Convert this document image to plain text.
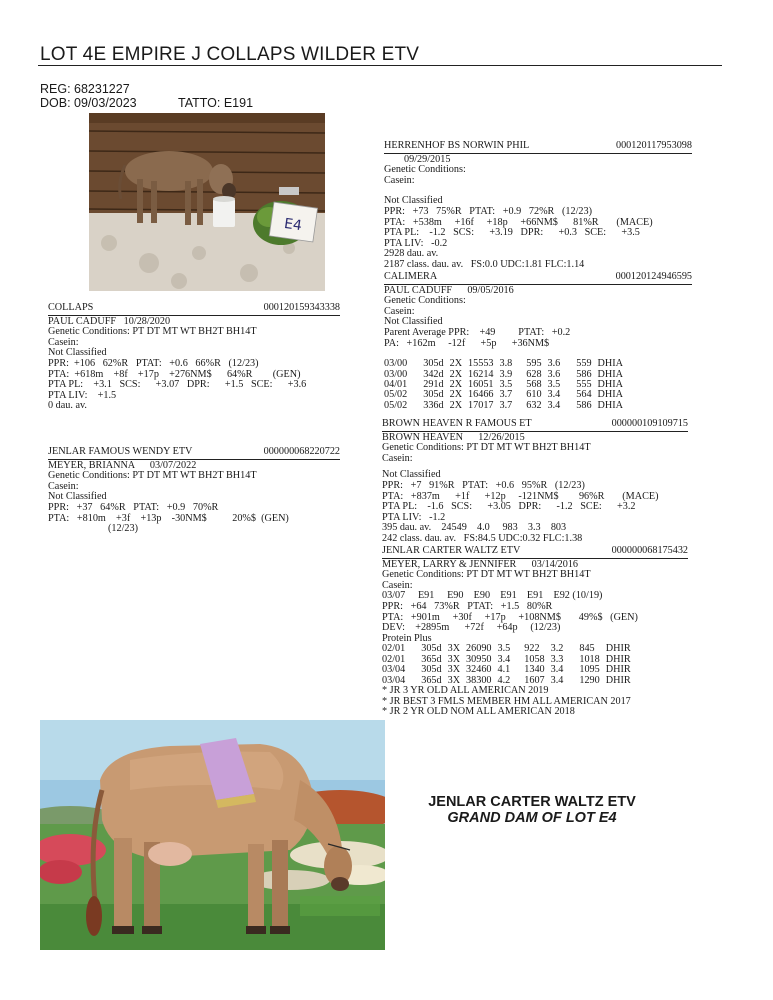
LOT 4E EMPIRE J COLLAPS WILDER ETV
REG: 68231227
DOB: 09/03/2023	TATTO: E191
E4
COLLAPS	000120159343338
PAUL CADUFF   10/28/2020
Genetic Conditions: PT DT MT WT BH2T BH14T
Casein:
Not Classified
PPR:  +106   62%R   PTAT:   +0.6   66%R   (12/23)
PTA:  +618m    +8f    +17p    +276NM$      64%R        (GEN)
PTA PL:    +3.1   SCS:      +3.07   DPR:      +1.5   SCE:      +3.6
PTA LIV:    +1.5
0 dau. av.
JENLAR FAMOUS WENDY ETV	000000068220722
MEYER, BRIANNA      03/07/2022
Genetic Conditions: PT DT MT WT BH2T BH14T
Casein:
Not Classified
PPR:   +37   64%R   PTAT:   +0.9   70%R
PTA:   +810m    +3f    +13p    -30NM$          20%$  (GEN)
(12/23)
HERRENHOF BS NORWIN PHIL	000120117953098
09/29/2015
Genetic Conditions:
Casein:
Not Classified
PPR:   +73   75%R   PTAT:   +0.9   72%R   (12/23)
PTA:   +538m     +16f     +18p     +66NM$      81%R       (MACE)
PTA PL:    -1.2   SCS:      +3.19   DPR:      +0.3   SCE:      +3.5
PTA LIV:   -0.2
2928 dau. av.
2187 class. dau. av.   FS:0.0 UDC:1.81 FLC:1.14
CALIMERA	000120124946595
PAUL CADUFF      09/05/2016
Genetic Conditions:
Casein:
Not Classified
Parent Average PPR:    +49         PTAT:   +0.2
PA:   +162m     -12f      +5p      +36NM$
03/00	305d	2X	15553	3.8	595	3.6	559	DHIA
03/00	342d	2X	16214	3.9	628	3.6	586	DHIA
04/01	291d	2X	16051	3.5	568	3.5	555	DHIA
05/02	305d	2X	16466	3.7	610	3.4	564	DHIA
05/02	336d	2X	17017	3.7	632	3.4	586	DHIA
BROWN HEAVEN R FAMOUS ET	000000109109715
BROWN HEAVEN      12/26/2015
Genetic Conditions: PT DT MT WT BH2T BH14T
Casein:
Not Classified
PPR:   +7   91%R   PTAT:   +0.6   95%R   (12/23)
PTA:   +837m      +1f      +12p     -121NM$        96%R       (MACE)
PTA PL:    -1.6   SCS:      +3.05   DPR:      -1.2   SCE:      +3.2
PTA LIV:   -1.2
395 dau. av.    24549    4.0     983    3.3    803
242 class. dau. av.   FS:84.5 UDC:0.32 FLC:1.38
JENLAR CARTER WALTZ ETV	000000068175432
MEYER, LARRY & JENNIFER      03/14/2016
Genetic Conditions: PT DT MT WT BH2T BH14T
Casein:
03/07     E91     E90    E90    E91    E91    E92 (10/19)
PPR:   +64   73%R   PTAT:   +1.5   80%R
PTA:   +901m     +30f     +17p     +108NM$       49%$   (GEN)
DEV:    +2895m      +72f     +64p     (12/23)
Protein Plus
02/01	305d	3X	26090	3.5	922	3.2	845	DHIR
02/01	365d	3X	30950	3.4	1058	3.3	1018	DHIR
03/04	305d	3X	32460	4.1	1340	3.4	1095	DHIR
03/04	365d	3X	38300	4.2	1607	3.4	1290	DHIR
* JR 3 YR OLD ALL AMERICAN 2019
* JR BEST 3 FMLS MEMBER HM ALL AMERICAN 2017
* JR 2 YR OLD NOM ALL AMERICAN 2018
JENLAR CARTER WALTZ ETV
GRAND DAM OF LOT E4
